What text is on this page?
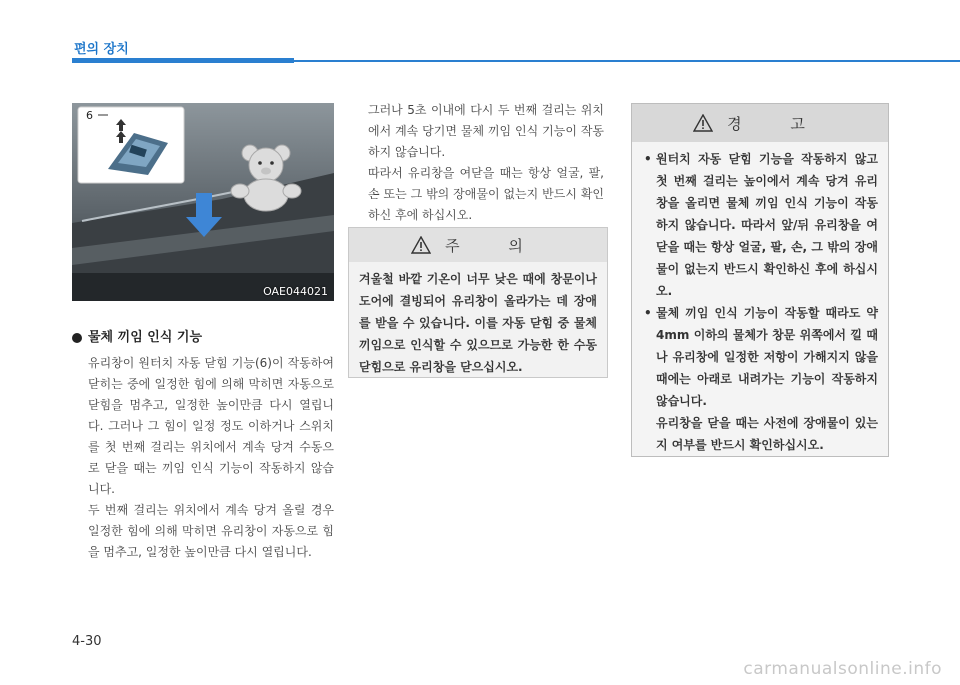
편의 장치
6
OAE044021
물체 끼임 인식 기능

유리창이 원터치 자동 닫힘 기능(6)이 작동하여 닫히는 중에 일정한 힘에 의해 막히면 자동으로 닫힘을 멈추고, 일정한 높이만큼 다시 열립니다. 그러나 그 힘이 일정 정도 이하거나 스위치를 첫 번째 걸리는 위치에서 계속 당겨 수동으로 닫을 때는 끼임 인식 기능이 작동하지 않습니다.

두 번째 걸리는 위치에서 계속 당겨 올릴 경우 일정한 힘에 의해 막히면 유리창이 자동으로 힘을 멈추고, 일정한 높이만큼 다시 열립니다.

그러나 5초 이내에 다시 두 번째 걸리는 위치에서 계속 당기면 물체 끼임 인식 기능이 작동하지 않습니다.

따라서 유리창을 여닫을 때는 항상 얼굴, 팔, 손 또는 그 밖의 장애물이 없는지 반드시 확인하신 후에 하십시오.

주 의
겨울철 바깥 기온이 너무 낮은 때에 창문이나 도어에 결빙되어 유리창이 올라가는 데 장애를 받을 수 있습니다. 이를 자동 닫힘 중 물체 끼임으로 인식할 수 있으므로 가능한 한 수동 닫힘으로 유리창을 닫으십시오.
경 고
• 원터치 자동 닫힘 기능을 작동하지 않고 첫 번째 걸리는 높이에서 계속 당겨 유리창을 올리면 물체 끼임 인식 기능이 작동하지 않습니다. 따라서 앞/뒤 유리창을 여닫을 때는 항상 얼굴, 팔, 손, 그 밖의 장애물이 없는지 반드시 확인하신 후에 하십시오.
• 물체 끼임 인식 기능이 작동할 때라도 약 4mm 이하의 물체가 창문 위쪽에서 낄 때나 유리창에 일정한 저항이 가해지지 않을 때에는 아래로 내려가는 기능이 작동하지 않습니다.
유리창을 닫을 때는 사전에 장애물이 있는지 여부를 반드시 확인하십시오.
4-30
carmanualsonline.info
